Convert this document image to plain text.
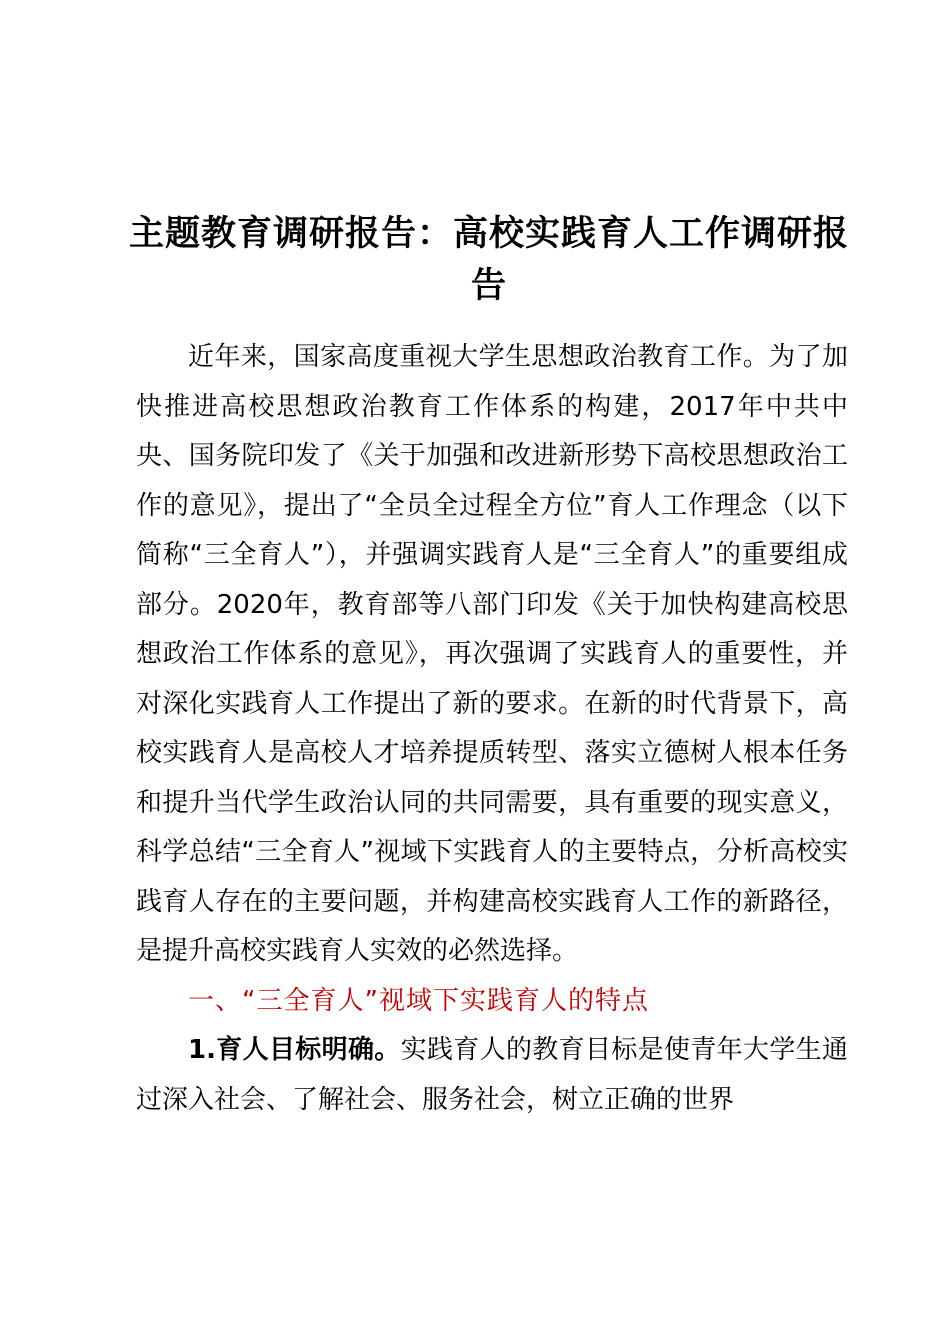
主题教育调研报告：高校实践育人工作调研报告

近年来，国家高度重视大学生思想政治教育工作。为了加快推进高校思想政治教育工作体系的构建，2017年中共中央、国务院印发了《关于加强和改进新形势下高校思想政治工作的意见》，提出了“全员全过程全方位”育人工作理念（以下简称“三全育人”），并强调实践育人是“三全育人”的重要组成部分。2020年，教育部等八部门印发《关于加快构建高校思想政治工作体系的意见》，再次强调了实践育人的重要性，并对深化实践育人工作提出了新的要求。在新的时代背景下，高校实践育人是高校人才培养提质转型、落实立德树人根本任务和提升当代学生政治认同的共同需要，具有重要的现实意义，科学总结“三全育人”视域下实践育人的主要特点，分析高校实践育人存在的主要问题，并构建高校实践育人工作的新路径，是提升高校实践育人实效的必然选择。

一、“三全育人”视域下实践育人的特点

1.育人目标明确。实践育人的教育目标是使青年大学生通过深入社会、了解社会、服务社会，树立正确的世界
